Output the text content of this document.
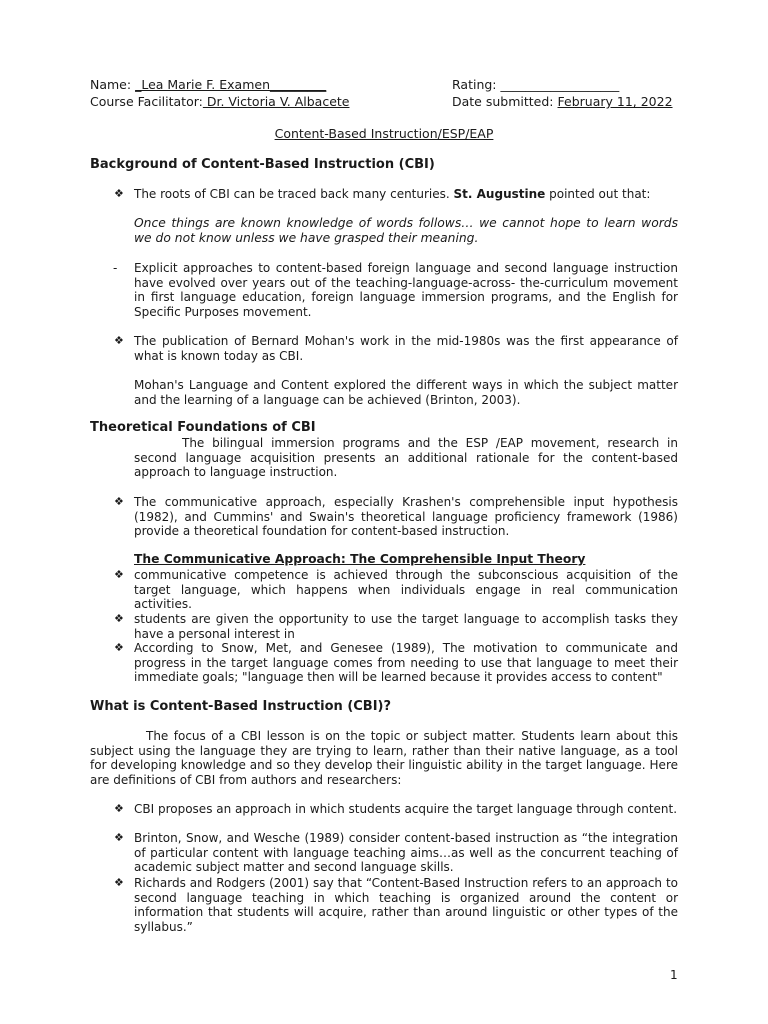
Name: _Lea Marie F. Examen_________
Course Facilitator: Dr. Victoria V. Albacete
Rating: ___________________
Date submitted: February 11, 2022
Content-Based Instruction/ESP/EAP
Background of Content-Based Instruction (CBI)
❖ The roots of CBI can be traced back many centuries. St. Augustine pointed out that:
Once things are known knowledge of words follows… we cannot hope to learn words we do not know unless we have grasped their meaning.
- Explicit approaches to content-based foreign language and second language instruction have evolved over years out of the teaching-language-across- the-curriculum movement in first language education, foreign language immersion programs, and the English for Specific Purposes movement.
❖ The publication of Bernard Mohan's work in the mid-1980s was the first appearance of what is known today as CBI.
Mohan's Language and Content explored the different ways in which the subject matter and the learning of a language can be achieved (Brinton, 2003).
Theoretical Foundations of CBI
The bilingual immersion programs and the ESP /EAP movement, research in second language acquisition presents an additional rationale for the content-based approach to language instruction.
❖ The communicative approach, especially Krashen's comprehensible input hypothesis (1982), and Cummins' and Swain's theoretical language proficiency framework (1986) provide a theoretical foundation for content-based instruction.
The Communicative Approach: The Comprehensible Input Theory
❖ communicative competence is achieved through the subconscious acquisition of the target language, which happens when individuals engage in real communication activities.
❖ students are given the opportunity to use the target language to accomplish tasks they have a personal interest in
❖ According to Snow, Met, and Genesee (1989), The motivation to communicate and progress in the target language comes from needing to use that language to meet their immediate goals; "language then will be learned because it provides access to content"
What is Content-Based Instruction (CBI)?
The focus of a CBI lesson is on the topic or subject matter. Students learn about this subject using the language they are trying to learn, rather than their native language, as a tool for developing knowledge and so they develop their linguistic ability in the target language. Here are definitions of CBI from authors and researchers:
❖ CBI proposes an approach in which students acquire the target language through content.
❖ Brinton, Snow, and Wesche (1989) consider content-based instruction as “the integration of particular content with language teaching aims…as well as the concurrent teaching of academic subject matter and second language skills.
❖ Richards and Rodgers (2001) say that “Content-Based Instruction refers to an approach to second language teaching in which teaching is organized around the content or information that students will acquire, rather than around linguistic or other types of the syllabus.”
1
